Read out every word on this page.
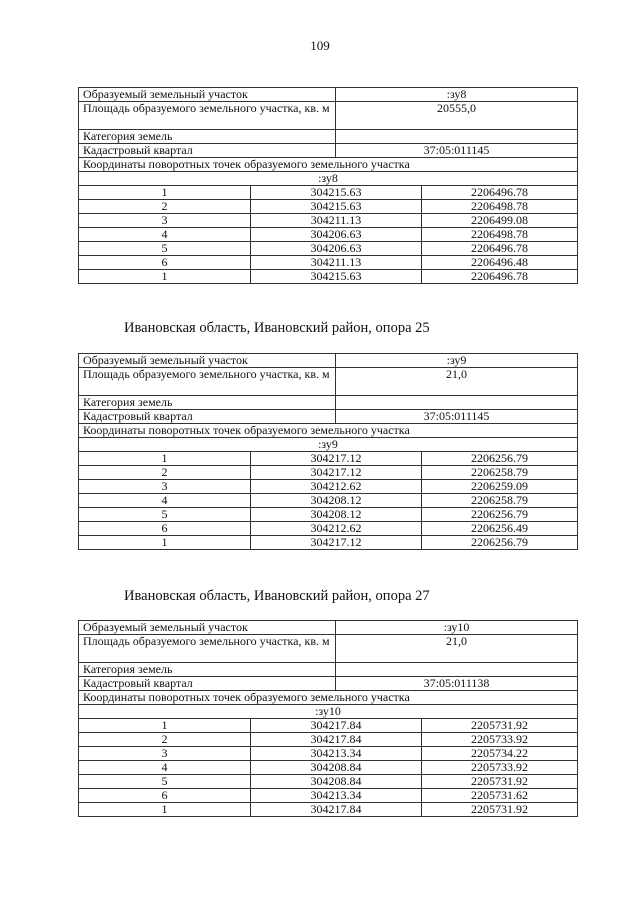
109
Образуемый земельный участок		:зу8	
Площадь образуемого земельного участка, кв. м		20555,0	
Категория земель			
Кадастровый квартал		37:05:011145	
Координаты поворотных точек образуемого земельного участка			
:зу8			
1	304215.63		2206496.78
2	304215.63		2206498.78
3	304211.13		2206499.08
4	304206.63		2206498.78
5	304206.63		2206496.78
6	304211.13		2206496.48
1	304215.63		2206496.78
Ивановская область, Ивановский район, опора 25
Образуемый земельный участок		:зу9	
Площадь образуемого земельного участка, кв. м		21,0	
Категория земель			
Кадастровый квартал		37:05:011145	
Координаты поворотных точек образуемого земельного участка			
:зу9			
1	304217.12		2206256.79
2	304217.12		2206258.79
3	304212.62		2206259.09
4	304208.12		2206258.79
5	304208.12		2206256.79
6	304212.62		2206256.49
1	304217.12		2206256.79
Ивановская область, Ивановский район, опора 27
Образуемый земельный участок		:зу10	
Площадь образуемого земельного участка, кв. м		21,0	
Категория земель			
Кадастровый квартал		37:05:011138	
Координаты поворотных точек образуемого земельного участка			
:зу10			
1	304217.84		2205731.92
2	304217.84		2205733.92
3	304213.34		2205734.22
4	304208.84		2205733.92
5	304208.84		2205731.92
6	304213.34		2205731.62
1	304217.84		2205731.92
